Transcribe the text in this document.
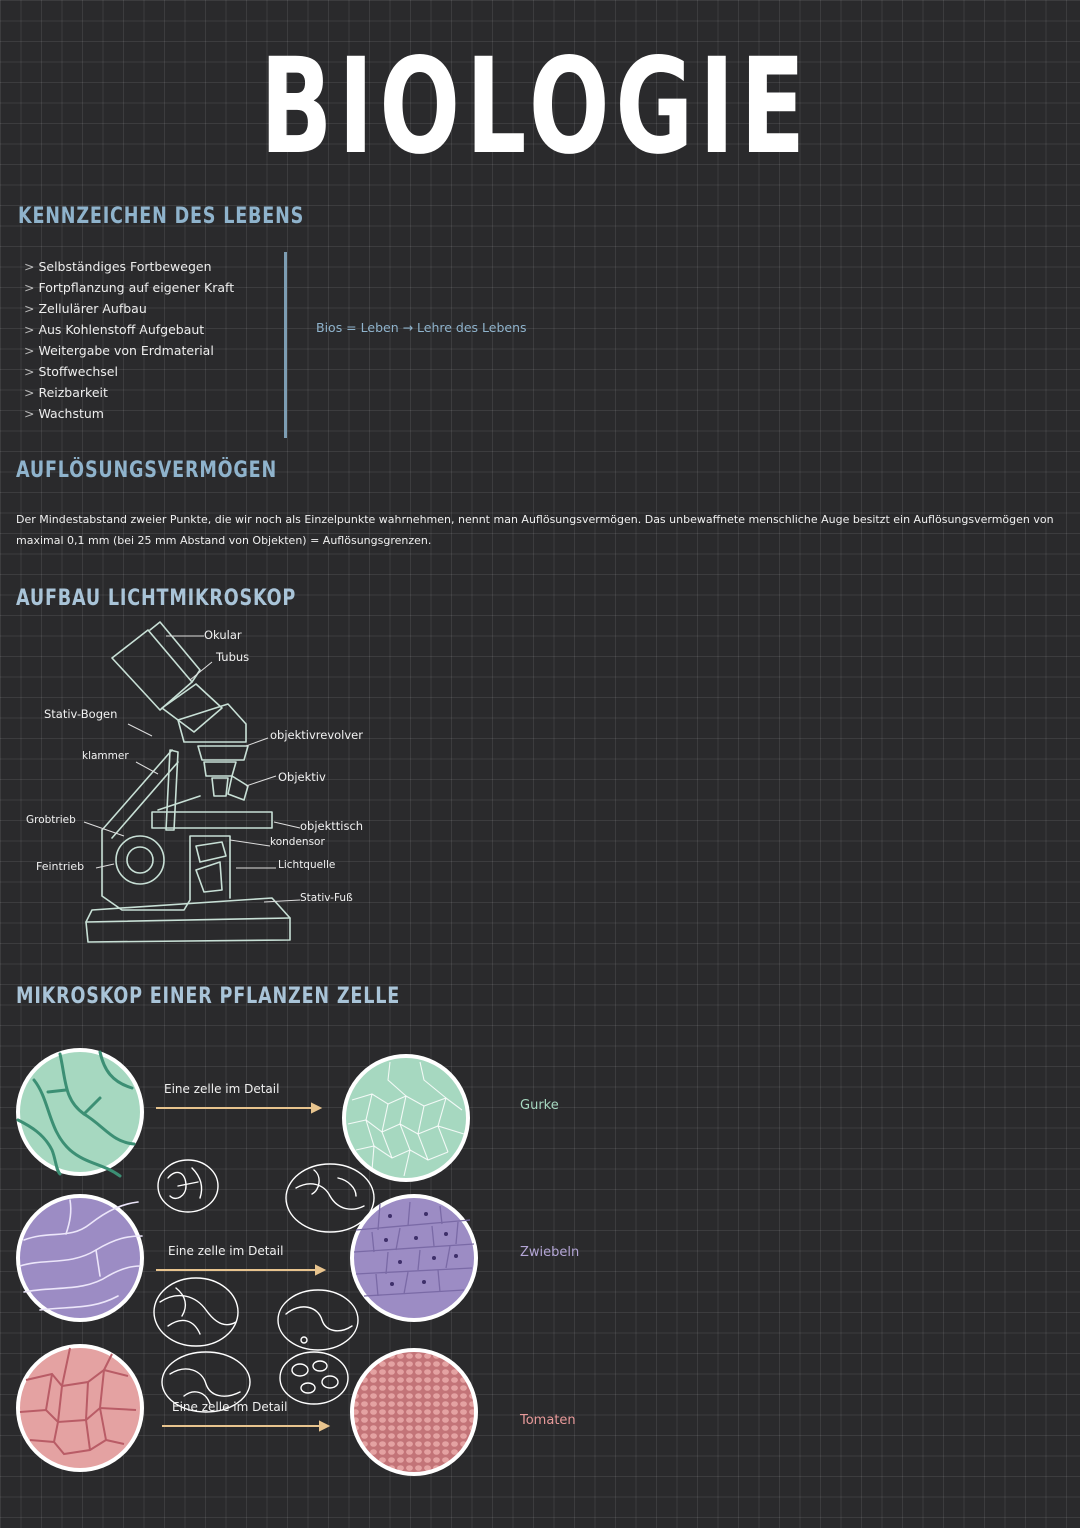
BIOLOGIE
KENNZEICHEN DES LEBENS
> Selbständiges Fortbewegen
> Fortpflanzung auf eigener Kraft
> Zellulärer Aufbau
> Aus Kohlenstoff Aufgebaut
> Weitergabe von Erdmaterial
> Stoffwechsel
> Reizbarkeit
> Wachstum
Bios = Leben → Lehre des Lebens
AUFLÖSUNGSVERMÖGEN
Der Mindestabstand zweier Punkte, die wir noch als Einzelpunkte wahrnehmen, nennt man Auflösungsvermögen. Das unbewaffnete menschliche Auge besitzt ein Auflösungsvermögen von maximal 0,1 mm (bei 25 mm Abstand von Objekten) = Auflösungsgrenzen.
AUFBAU LICHTMIKROSKOP
Okular
Tubus
Stativ-Bogen
objektivrevolver
klammer
Objektiv
Grobtrieb	objekttisch
kondensor
Feintrieb	Lichtquelle
Stativ-Fuß
MIKROSKOP EINER PFLANZEN ZELLE
Eine zelle im Detail
Eine zelle im Detail
Eine zelle im Detail
Gurke
Zwiebeln
Tomaten
